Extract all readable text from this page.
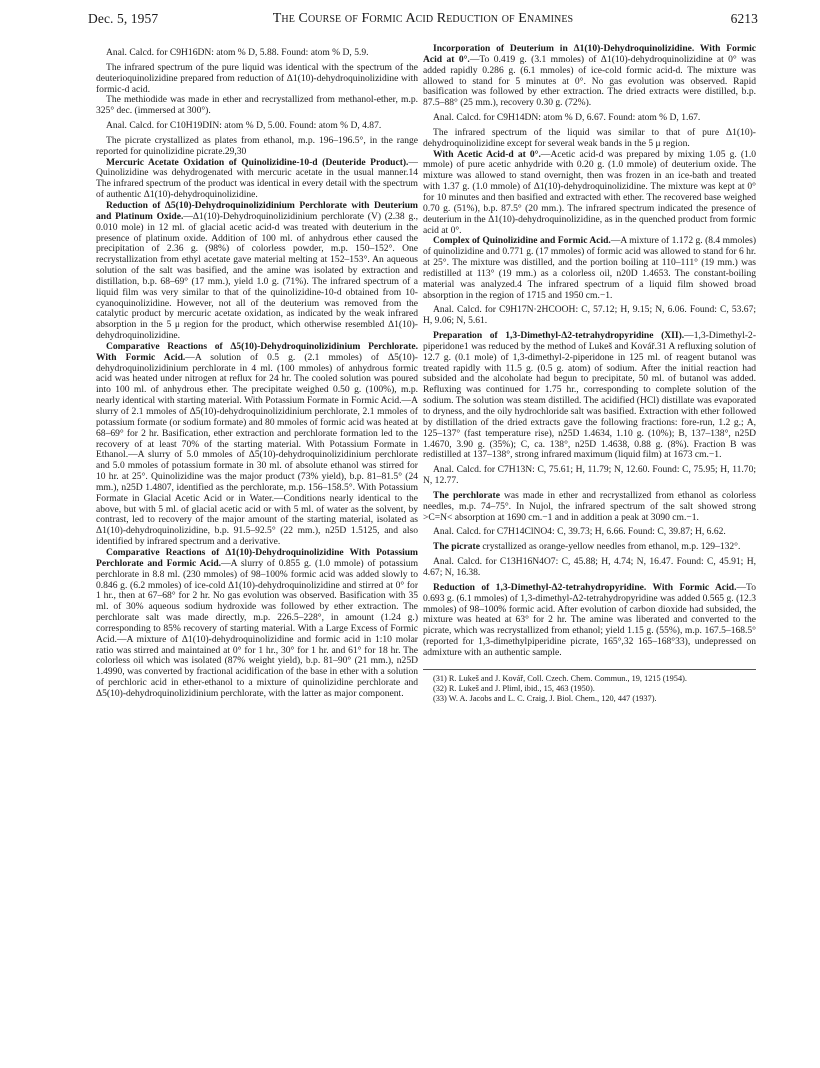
Dec. 5, 1957	The Course of Formic Acid Reduction of Enamines	6213

Anal. Calcd. for C9H16DN: atom % D, 5.88. Found: atom % D, 5.9.

The infrared spectrum of the pure liquid was identical with the spectrum of the deuterioquinolizidine prepared from reduction of Δ1(10)-dehydroquinolizidine with formic-d acid.

The methiodide was made in ether and recrystallized from methanol-ether, m.p. 325° dec. (immersed at 300°).

Anal. Calcd. for C10H19DIN: atom % D, 5.00. Found: atom % D, 4.87.

The picrate crystallized as plates from ethanol, m.p. 196–196.5°, in the range reported for quinolizidine picrate.29,30

Mercuric Acetate Oxidation of Quinolizidine-10-d (Deuteride Product).—Quinolizidine was dehydrogenated with mercuric acetate in the usual manner.14 The infrared spectrum of the product was identical in every detail with the spectrum of authentic Δ1(10)-dehydroquinolizidine.

Reduction of Δ5(10)-Dehydroquinolizidinium Perchlorate with Deuterium and Platinum Oxide.—Δ1(10)-Dehydroquinolizidinium perchlorate (V) (2.38 g., 0.010 mole) in 12 ml. of glacial acetic acid-d was treated with deuterium in the presence of platinum oxide. Addition of 100 ml. of anhydrous ether caused the precipitation of 2.36 g. (98%) of colorless powder, m.p. 150–152°. One recrystallization from ethyl acetate gave material melting at 152–153°. An aqueous solution of the salt was basified, and the amine was isolated by extraction and distillation, b.p. 68–69° (17 mm.), yield 1.0 g. (71%). The infrared spectrum of a liquid film was very similar to that of the quinolizidine-10-d obtained from 10-cyanoquinolizidine. However, not all of the deuterium was removed from the catalytic product by mercuric acetate oxidation, as indicated by the weak infrared absorption in the 5 μ region for the product, which otherwise resembled Δ1(10)-dehydroquinolizidine.

Comparative Reactions of Δ5(10)-Dehydroquinolizidinium Perchlorate. With Formic Acid.—A solution of 0.5 g. (2.1 mmoles) of Δ5(10)-dehydroquinolizidinium perchlorate in 4 ml. (100 mmoles) of anhydrous formic acid was heated under nitrogen at reflux for 24 hr. The cooled solution was poured into 100 ml. of anhydrous ether. The precipitate weighed 0.50 g. (100%), m.p. nearly identical with starting material. With Potassium Formate in Formic Acid.—A slurry of 2.1 mmoles of Δ5(10)-dehydroquinolizidinium perchlorate, 2.1 mmoles of potassium formate (or sodium formate) and 80 mmoles of formic acid was heated at 68–69° for 2 hr. Basification, ether extraction and perchlorate formation led to the recovery of at least 70% of the starting material. With Potassium Formate in Ethanol.—A slurry of 5.0 mmoles of Δ5(10)-dehydroquinolizidinium perchlorate and 5.0 mmoles of potassium formate in 30 ml. of absolute ethanol was stirred for 10 hr. at 25°. Quinolizidine was the major product (73% yield), b.p. 81–81.5° (24 mm.), n25D 1.4807, identified as the perchlorate, m.p. 156–158.5°. With Potassium Formate in Glacial Acetic Acid or in Water.—Conditions nearly identical to the above, but with 5 ml. of glacial acetic acid or with 5 ml. of water as the solvent, by contrast, led to recovery of the major amount of the starting material, isolated as Δ1(10)-dehydroquinolizidine, b.p. 91.5–92.5° (22 mm.), n25D 1.5125, and also identified by infrared spectrum and a derivative.

Comparative Reactions of Δ1(10)-Dehydroquinolizidine With Potassium Perchlorate and Formic Acid.—A slurry of 0.855 g. (1.0 mmole) of potassium perchlorate in 8.8 ml. (230 mmoles) of 98–100% formic acid was added slowly to 0.846 g. (6.2 mmoles) of ice-cold Δ1(10)-dehydroquinolizidine and stirred at 0° for 1 hr., then at 67–68° for 2 hr. No gas evolution was observed. Basification with 35 ml. of 30% aqueous sodium hydroxide was followed by ether extraction. The perchlorate salt was made directly, m.p. 226.5–228°, in amount (1.24 g.) corresponding to 85% recovery of starting material. With a Large Excess of Formic Acid.—A mixture of Δ1(10)-dehydroquinolizidine and formic acid in 1:10 molar ratio was stirred and maintained at 0° for 1 hr., 30° for 1 hr. and 61° for 18 hr. The colorless oil which was isolated (87% weight yield), b.p. 81–90° (21 mm.), n25D 1.4990, was converted by fractional acidification of the base in ether with a solution of perchloric acid in ether-ethanol to a mixture of quinolizidine perchlorate and Δ5(10)-dehydroquinolizidinium perchlorate, with the latter as major component.

Incorporation of Deuterium in Δ1(10)-Dehydroquinolizidine. With Formic Acid at 0°.—To 0.419 g. (3.1 mmoles) of Δ1(10)-dehydroquinolizidine at 0° was added rapidly 0.286 g. (6.1 mmoles) of ice-cold formic acid-d. The mixture was allowed to stand for 5 minutes at 0°. No gas evolution was observed. Rapid basification was followed by ether extraction. The dried extracts were distilled, b.p. 87.5–88° (25 mm.), recovery 0.30 g. (72%).

Anal. Calcd. for C9H14DN: atom % D, 6.67. Found: atom % D, 1.67.

The infrared spectrum of the liquid was similar to that of pure Δ1(10)-dehydroquinolizidine except for several weak bands in the 5 μ region.

With Acetic Acid-d at 0°.—Acetic acid-d was prepared by mixing 1.05 g. (1.0 mmole) of pure acetic anhydride with 0.20 g. (1.0 mmole) of deuterium oxide. The mixture was allowed to stand overnight, then was frozen in an ice-bath and treated with 1.37 g. (1.0 mmole) of Δ1(10)-dehydroquinolizidine. The mixture was kept at 0° for 10 minutes and then basified and extracted with ether. The recovered base weighed 0.70 g. (51%), b.p. 87.5° (20 mm.). The infrared spectrum indicated the presence of deuterium in the Δ1(10)-dehydroquinolizidine, as in the quenched product from formic acid at 0°.

Complex of Quinolizidine and Formic Acid.—A mixture of 1.172 g. (8.4 mmoles) of quinolizidine and 0.771 g. (17 mmoles) of formic acid was allowed to stand for 6 hr. at 25°. The mixture was distilled, and the portion boiling at 110–111° (19 mm.) was redistilled at 113° (19 mm.) as a colorless oil, n20D 1.4653. The constant-boiling material was analyzed.4 The infrared spectrum of a liquid film showed broad absorption in the region of 1715 and 1950 cm.−1.

Anal. Calcd. for C9H17N·2HCOOH: C, 57.12; H, 9.15; N, 6.06. Found: C, 53.67; H, 9.06; N, 5.61.

Preparation of 1,3-Dimethyl-Δ2-tetrahydropyridine (XII).—1,3-Dimethyl-2-piperidone1 was reduced by the method of Lukeš and Kovář.31 A refluxing solution of 12.7 g. (0.1 mole) of 1,3-dimethyl-2-piperidone in 125 ml. of reagent butanol was treated rapidly with 11.5 g. (0.5 g. atom) of sodium. After the initial reaction had subsided and the alcoholate had begun to precipitate, 50 ml. of butanol was added. Refluxing was continued for 1.75 hr., corresponding to complete solution of the sodium. The solution was steam distilled. The acidified (HCl) distillate was evaporated to dryness, and the oily hydrochloride salt was basified. Extraction with ether followed by distillation of the dried extracts gave the following fractions: fore-run, 1.2 g.; A, 125–137° (fast temperature rise), n25D 1.4634, 1.10 g. (10%); B, 137–138°, n25D 1.4670, 3.90 g. (35%); C, ca. 138°, n25D 1.4638, 0.88 g. (8%). Fraction B was redistilled at 137–138°, strong infrared maximum (liquid film) at 1673 cm.−1.

Anal. Calcd. for C7H13N: C, 75.61; H, 11.79; N, 12.60. Found: C, 75.95; H, 11.70; N, 12.77.

The perchlorate was made in ether and recrystallized from ethanol as colorless needles, m.p. 74–75°. In Nujol, the infrared spectrum of the salt showed strong >C=N< absorption at 1690 cm.−1 and in addition a peak at 3090 cm.−1.

Anal. Calcd. for C7H14ClNO4: C, 39.73; H, 6.66. Found: C, 39.87; H, 6.62.

The picrate crystallized as orange-yellow needles from ethanol, m.p. 129–132°.

Anal. Calcd. for C13H16N4O7: C, 45.88; H, 4.74; N, 16.47. Found: C, 45.91; H, 4.67; N, 16.38.

Reduction of 1,3-Dimethyl-Δ2-tetrahydropyridine. With Formic Acid.—To 0.693 g. (6.1 mmoles) of 1,3-dimethyl-Δ2-tetrahydropyridine was added 0.565 g. (12.3 mmoles) of 98–100% formic acid. After evolution of carbon dioxide had subsided, the mixture was heated at 63° for 2 hr. The amine was liberated and converted to the picrate, which was recrystallized from ethanol; yield 1.15 g. (55%), m.p. 167.5–168.5° (reported for 1,3-dimethylpiperidine picrate, 165°,32 165–168°33), undepressed on admixture with an authentic sample.

(31) R. Lukeš and J. Kovář, Coll. Czech. Chem. Commun., 19, 1215 (1954).

(32) R. Lukeš and J. Pliml, ibid., 15, 463 (1950).

(33) W. A. Jacobs and L. C. Craig, J. Biol. Chem., 120, 447 (1937).
